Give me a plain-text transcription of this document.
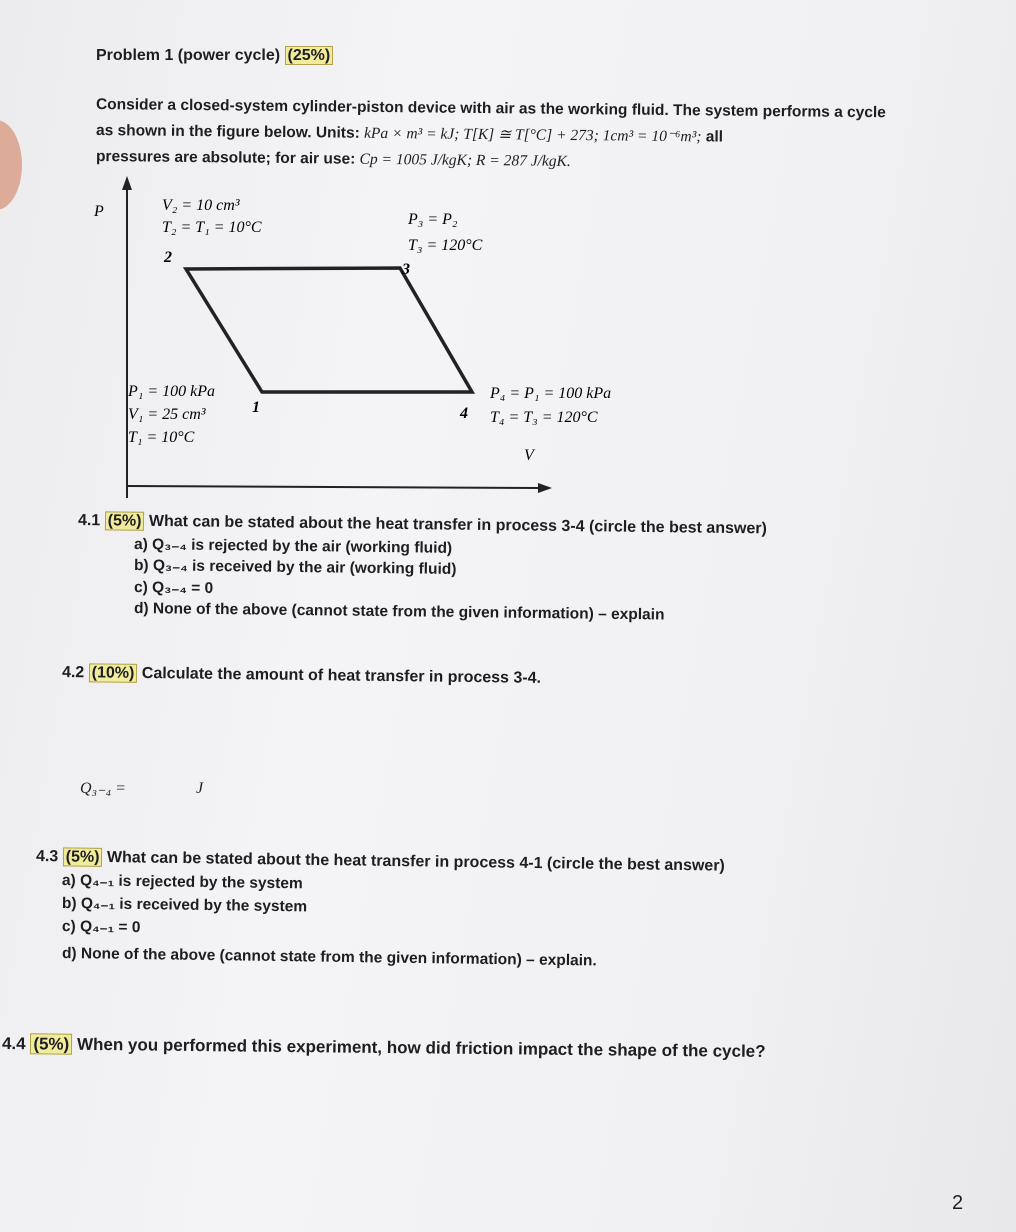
Problem 1 (power cycle) (25%)
Consider a closed-system cylinder-piston device with air as the working fluid. The system performs a cycle
as shown in the figure below. Units: kPa × m³ = kJ; T[K] ≅ T[°C] + 273; 1cm³ = 10⁻⁶m³; all
pressures are absolute; for air use: Cp = 1005 J/kgK; R = 287 J/kgK.
P
V
V₂ = 10 cm³
T₂ = T₁ = 10°C
2
P₃ = P₂
T₃ = 120°C
3
P₁ = 100 kPa
V₁ = 25 cm³
T₁ = 10°C
1	4
P₄ = P₁ = 100 kPa
T₄ = T₃ = 120°C
4.1 (5%) What can be stated about the heat transfer in process 3-4 (circle the best answer)
a) Q₃₋₄ is rejected by the air (working fluid)
b) Q₃₋₄ is received by the air (working fluid)
c) Q₃₋₄ = 0
d) None of the above (cannot state from the given information) – explain
4.2 (10%) Calculate the amount of heat transfer in process 3-4.
Q₃₋₄ =	J
4.3 (5%) What can be stated about the heat transfer in process 4-1 (circle the best answer)
a) Q₄₋₁ is rejected by the system
b) Q₄₋₁ is received by the system
c) Q₄₋₁ = 0
d) None of the above (cannot state from the given information) – explain.
4.4 (5%) When you performed this experiment, how did friction impact the shape of the cycle?
2
